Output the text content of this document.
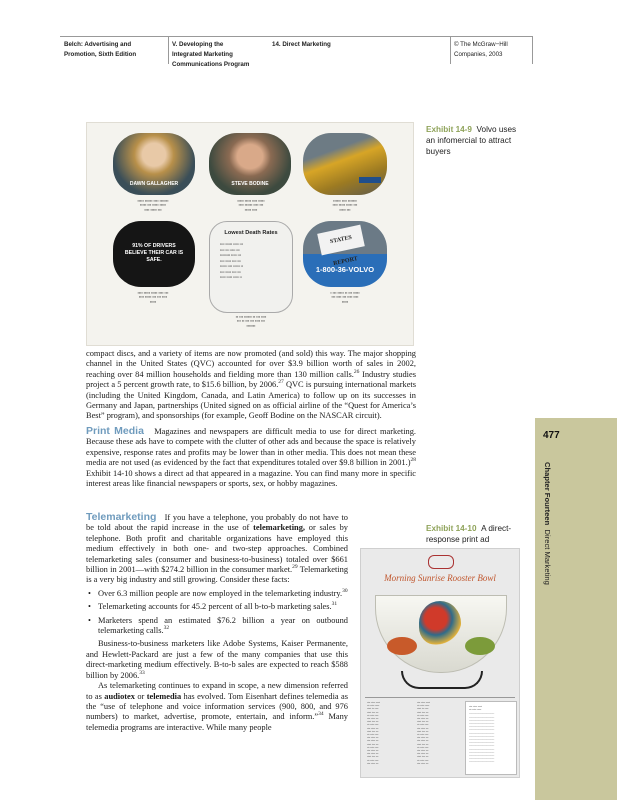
Belch: Advertising and
Promotion, Sixth Edition
V. Developing the
Integrated Marketing
Communications Program
14. Direct Marketing	© The McGraw−Hill
Companies, 2003
DAWN GALLAGHER	STEVE BODINE
▪▪▪▪▪ ▪▪▪▪▪▪ ▪▪▪▪ ▪▪▪▪▪▪▪
▪▪▪▪▪ ▪▪▪ ▪▪▪▪▪ ▪▪▪▪▪
▪▪▪▪ ▪▪▪▪▪ ▪▪▪
▪▪▪▪▪ ▪▪▪▪▪ ▪▪▪▪ ▪▪▪▪▪
▪▪▪▪ ▪▪▪▪▪▪ ▪▪▪▪ ▪▪▪
▪▪▪▪▪ ▪▪▪▪
▪▪▪▪▪▪ ▪▪▪▪ ▪▪▪▪▪▪▪
▪▪▪▪ ▪▪▪▪▪ ▪▪▪▪▪ ▪▪▪
▪▪▪▪▪ ▪▪▪
91% OF DRIVERS BELIEVE THEIR CAR IS SAFE.
Lowest Death Rates
▪▪▪▪ ▪▪▪▪▪▪ ▪▪▪▪▪ ▪▪▪
▪▪▪▪ ▪▪▪ ▪▪▪▪▪ ▪▪▪
▪▪▪▪▪▪▪▪▪ ▪▪▪▪▪ ▪▪▪
▪▪▪▪ ▪▪▪▪▪ ▪▪▪▪ ▪▪▪
▪▪▪▪▪▪ ▪▪▪▪ ▪▪▪▪▪▪ ▪▪
▪▪▪▪ ▪▪▪▪▪ ▪▪▪▪ ▪▪▪
▪▪▪▪▪ ▪▪▪▪▪ ▪▪▪▪▪ ▪▪
STATES REPORT
1-800-36-VOLVO
▪▪▪▪ ▪▪▪▪▪ ▪▪▪▪▪ ▪▪▪▪ ▪▪▪
▪▪▪▪ ▪▪▪▪▪ ▪▪▪ ▪▪▪ ▪▪▪▪
▪▪▪▪▪
▪▪ ▪▪▪ ▪▪▪▪▪▪ ▪▪ ▪▪▪ ▪▪▪▪
▪▪▪ ▪▪ ▪▪▪ ▪▪▪ ▪▪▪▪ ▪▪▪
▪▪▪▪▪▪▪
▪ ▪▪▪ ▪▪▪▪▪ ▪▪ ▪▪▪ ▪▪▪▪▪
▪▪▪ ▪▪▪▪ ▪▪▪ ▪▪▪▪ ▪▪▪▪
▪▪▪▪▪
Exhibit 14-9 Volvo uses
an infomercial to attract
buyers

compact discs, and a variety of items are now promoted (and sold) this way. The major shopping channel in the United States (QVC) accounted for over $3.9 billion worth of sales in 2002, reaching over 84 million households and fielding more than 130 million calls.$^{26}$ Industry studies project a 5 percent growth rate, to $15.6 billion, by 2006.27 QVC is pursuing international markets (including the United Kingdom, Canada, and Latin America) to follow up on its successes in Germany and Japan, partnerships (United signed on as official airline of the “Quest for America’s Best” program), and sponsorships (for example, Geoff Bodine on the NASCAR circuit).

Print Media Magazines and newspapers are difficult media to use for direct marketing. Because these ads have to compete with the clutter of other ads and because the space is relatively expensive, response rates and profits may be lower than in other media. This does not mean these media are not used (as evidenced by the fact that expenditures totaled over $9.8 billion in 2001.)$^{28}$ Exhibit 14-10 shows a direct ad that appeared in a magazine. You can find many more in specific interest areas like financial newspapers or sports, sex, or hobby magazines.

Telemarketing If you have a telephone, you probably do not have to be told about the rapid increase in the use of telemarketing, or sales by telephone. Both profit and charitable organizations have employed this medium effectively in both one- and two-step approaches. Combined telemarketing sales (consumer and business-to-business) totaled over $661 billion in 2001—with $274.2 billion in the consumer market.$^{29}$ Telemarketing is a very big industry and still growing. Consider these facts:

• Over 6.3 million people are now employed in the telemarketing industry.$^{30}$
• Telemarketing accounts for 45.2 percent of all b-to-b marketing sales.$^{31}$
• Marketers spend an estimated $76.2 billion a year on outbound telemarketing calls.$^{32}$

Business-to-business marketers like Adobe Systems, Kaiser Permanente, and Hewlett-Packard are just a few of the many companies that use this direct-marketing medium effectively. B-to-b sales are expected to reach $588 billion by 2006.33

As telemarketing continues to expand in scope, a new dimension referred to as audiotex or telemedia has evolved. Tom Eisenhart defines telemedia as the “use of telephone and voice information services (900, 800, and 976 numbers) to market, advertise, promote, entertain, and inform.”$^{34}$ Many telemedia programs are interactive. While many people

Exhibit 14-10 A direct-
response print ad
Morning Sunrise Rooster Bowl
▪▪▪▪ ▪▪▪▪▪ ▪▪▪▪▪
▪▪▪ ▪▪▪▪▪ ▪▪▪▪▪
▪▪▪▪▪ ▪▪▪ ▪▪▪▪
▪▪▪▪▪ ▪▪▪▪ ▪▪▪
▪▪▪ ▪▪▪▪▪ ▪▪▪▪
▪▪▪▪ ▪▪▪▪▪ ▪▪▪
▪▪▪▪▪ ▪▪▪▪ ▪▪▪
▪▪▪ ▪▪▪▪▪ ▪▪▪▪
▪▪▪▪ ▪▪▪▪▪ ▪▪▪
▪▪▪▪▪ ▪▪▪▪ ▪▪▪
▪▪▪ ▪▪▪▪▪ ▪▪▪▪
▪▪▪▪ ▪▪▪▪▪ ▪▪▪
▪▪▪▪ ▪▪▪▪▪ ▪▪▪
▪▪▪▪▪ ▪▪▪▪ ▪▪▪
▪▪▪ ▪▪▪▪▪ ▪▪▪▪
▪▪▪▪ ▪▪▪▪▪ ▪▪▪
▪▪▪▪ ▪▪▪▪▪ ▪▪▪
▪▪▪▪▪ ▪▪▪▪ ▪▪▪
▪▪▪ ▪▪▪▪▪ ▪▪▪▪
▪▪▪▪ ▪▪▪▪▪ ▪▪▪
▪▪▪▪ ▪▪▪▪▪ ▪▪▪▪▪
▪▪▪ ▪▪▪▪▪ ▪▪▪▪▪
▪▪▪▪▪ ▪▪▪ ▪▪▪▪
▪▪▪▪▪ ▪▪▪▪ ▪▪▪
▪▪▪ ▪▪▪▪▪ ▪▪▪▪
▪▪▪▪ ▪▪▪▪▪ ▪▪▪
▪▪▪▪▪ ▪▪▪▪ ▪▪▪
▪▪▪ ▪▪▪▪▪ ▪▪▪▪
▪▪▪▪ ▪▪▪▪▪ ▪▪▪
▪▪▪▪▪ ▪▪▪▪ ▪▪▪
▪▪▪ ▪▪▪▪▪ ▪▪▪▪
▪▪▪▪ ▪▪▪▪▪ ▪▪▪
▪▪▪▪ ▪▪▪▪▪ ▪▪▪
▪▪▪▪▪ ▪▪▪▪ ▪▪▪
▪▪▪ ▪▪▪▪▪ ▪▪▪▪
▪▪▪▪ ▪▪▪▪▪ ▪▪▪
▪▪▪▪ ▪▪▪▪▪ ▪▪▪
▪▪▪▪▪ ▪▪▪▪ ▪▪▪
▪▪▪ ▪▪▪▪▪ ▪▪▪▪
▪▪▪▪ ▪▪▪▪▪ ▪▪▪
▪▪▪▪ ▪▪▪▪▪ ▪▪▪▪▪
▪▪▪ ▪▪▪▪▪ ▪▪▪▪▪
___________________
___________________
___________________
___________________
___________________
___________________
___________________
___________________
___________________
___________________
___________________
___________________
___________________
___________________
___________________
___________________
477
Chapter Fourteen  Direct Marketing
